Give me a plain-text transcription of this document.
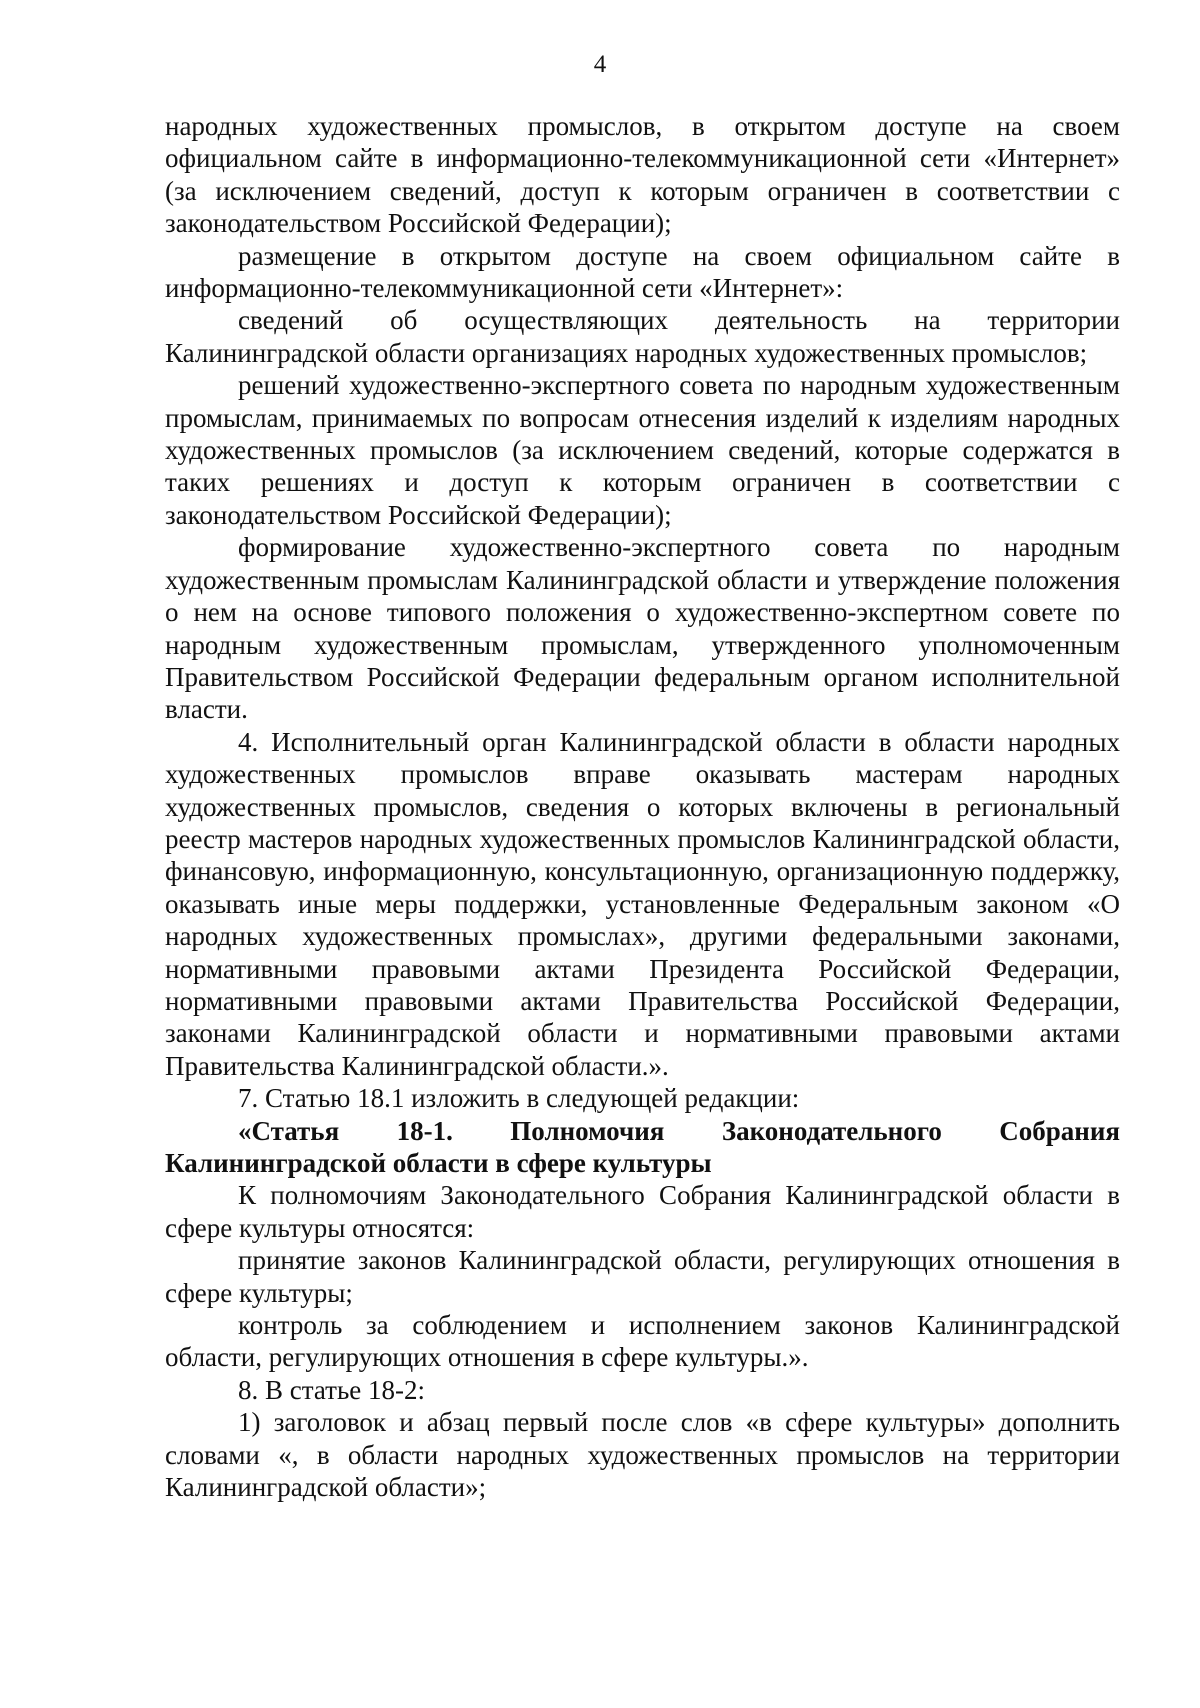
4

народных художественных промыслов, в открытом доступе на своем официальном сайте в информационно-телекоммуникационной сети «Интернет» (за исключением сведений, доступ к которым ограничен в соответствии с законодательством Российской Федерации);

размещение в открытом доступе на своем официальном сайте в информационно-телекоммуникационной сети «Интернет»:

сведений об осуществляющих деятельность на территории Калининградской области организациях народных художественных промыслов;

решений художественно-экспертного совета по народным художественным промыслам, принимаемых по вопросам отнесения изделий к изделиям народных художественных промыслов (за исключением сведений, которые содержатся в таких решениях и доступ к которым ограничен в соответствии с законодательством Российской Федерации);

формирование художественно-экспертного совета по народным художественным промыслам Калининградской области и утверждение положения о нем на основе типового положения о художественно-экспертном совете по народным художественным промыслам, утвержденного уполномоченным Правительством Российской Федерации федеральным органом исполнительной власти.

4. Исполнительный орган Калининградской области в области народных художественных промыслов вправе оказывать мастерам народных художественных промыслов, сведения о которых включены в региональный реестр мастеров народных художественных промыслов Калининградской области, финансовую, информационную, консультационную, организационную поддержку, оказывать иные меры поддержки, установленные Федеральным законом «О народных художественных промыслах», другими федеральными законами, нормативными правовыми актами Президента Российской Федерации, нормативными правовыми актами Правительства Российской Федерации, законами Калининградской области и нормативными правовыми актами Правительства Калининградской области.».

7. Статью 18.1 изложить в следующей редакции:

«Статья 18-1. Полномочия Законодательного Собрания Калининградской области в сфере культуры

К полномочиям Законодательного Собрания Калининградской области в сфере культуры относятся:

принятие законов Калининградской области, регулирующих отношения в сфере культуры;

контроль за соблюдением и исполнением законов Калининградской области, регулирующих отношения в сфере культуры.».

8. В статье 18-2:

1) заголовок и абзац первый после слов «в сфере культуры» дополнить словами «, в области народных художественных промыслов на территории Калининградской области»;
